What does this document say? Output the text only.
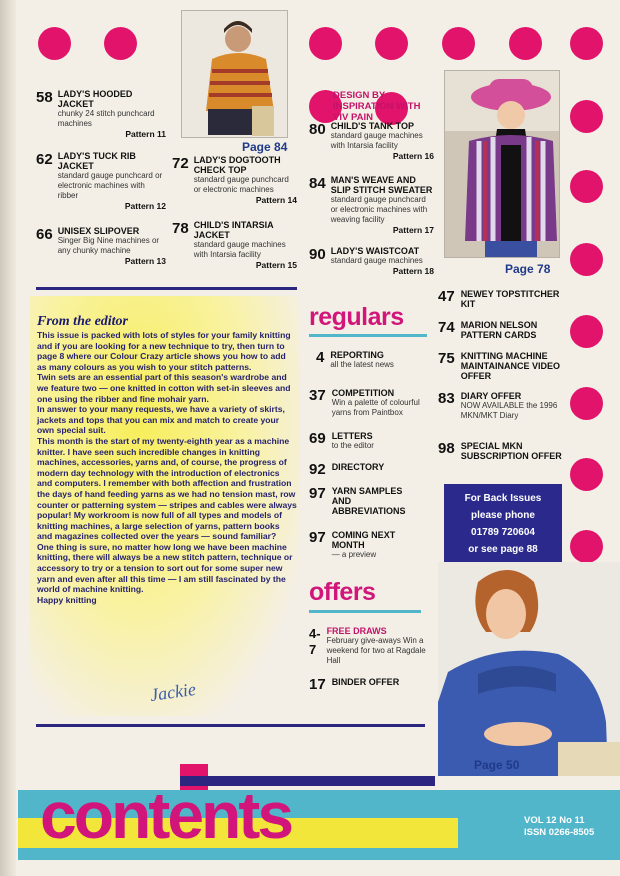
Page 84
Page 78
58 LADY'S HOODED
JACKET
chunky 24 stitch punchcard machines
Pattern 11
62 LADY'S TUCK RIB
JACKET
standard gauge punchcard or electronic machines with ribber
Pattern 12
66 UNISEX SLIPOVER
Singer Big Nine machines or any chunky machine
Pattern 13
72 LADY'S DOGTOOTH
CHECK TOP
standard gauge punchcard or electronic machines
Pattern 14
78 CHILD'S INTARSIA
JACKET
standard gauge machines with Intarsia facility
Pattern 15
DESIGN BY INSPIRATION WITH VIV PAIN
80 CHILD'S TANK TOP
standard gauge machines with Intarsia facility
Pattern 16
84 MAN'S WEAVE AND
SLIP STITCH SWEATER
standard gauge punchcard or electronic machines with weaving facility
Pattern 17
90 LADY'S WAISTCOAT
standard gauge machines
Pattern 18
From the editor

This issue is packed with lots of styles for your family knitting and if you are looking for a new technique to try, then turn to page 8 where our Colour Crazy article shows you how to add as many colours as you wish to your stitch patterns.

Twin sets are an essential part of this season's wardrobe and we feature two — one knitted in cotton with set-in sleeves and one using the ribber and fine mohair yarn.

In answer to your many requests, we have a variety of skirts, jackets and tops that you can mix and match to create your own special suit.

This month is the start of my twenty-eighth year as a machine knitter. I have seen such incredible changes in knitting machines, accessories, yarns and, of course, the progress of modern day technology with the introduction of electronics and computers. I remember with both affection and frustration the days of hand feeding yarns as we had no tension mast, row counter or patterning system — stripes and cables were always popular! My workroom is now full of all types and models of knitting machines, a large selection of yarns, pattern books and magazines collected over the years — sound familiar?

One thing is sure, no matter how long we have been machine knitting, there will always be a new stitch pattern, technique or accessory to try or a tension to sort out for some super new yarn and even after all this time — I am still fascinated by the world of machine knitting.

Happy knitting

Jackie
regulars
4 REPORTING
all the latest news
37 COMPETITION
Win a palette of colourful yarns from Paintbox
69 LETTERS
to the editor
92 DIRECTORY
97 YARN SAMPLES AND ABBREVIATIONS
97 COMING NEXT MONTH
— a preview
47 NEWEY TOPSTITCHER KIT
74 MARION NELSON PATTERN CARDS
75 KNITTING MACHINE MAINTAINANCE VIDEO OFFER
83 DIARY OFFER
NOW AVAILABLE the 1996 MKN/MKT Diary
98 SPECIAL MKN SUBSCRIPTION OFFER
For Back Issues
please phone
01789 720604
or see page 88
offers
4-7
FREE DRAWS
February give-aways Win a weekend for two at Ragdale Hall
17 BINDER OFFER
Page 50
contents	VOL 12 No 11
ISSN 0266-8505
